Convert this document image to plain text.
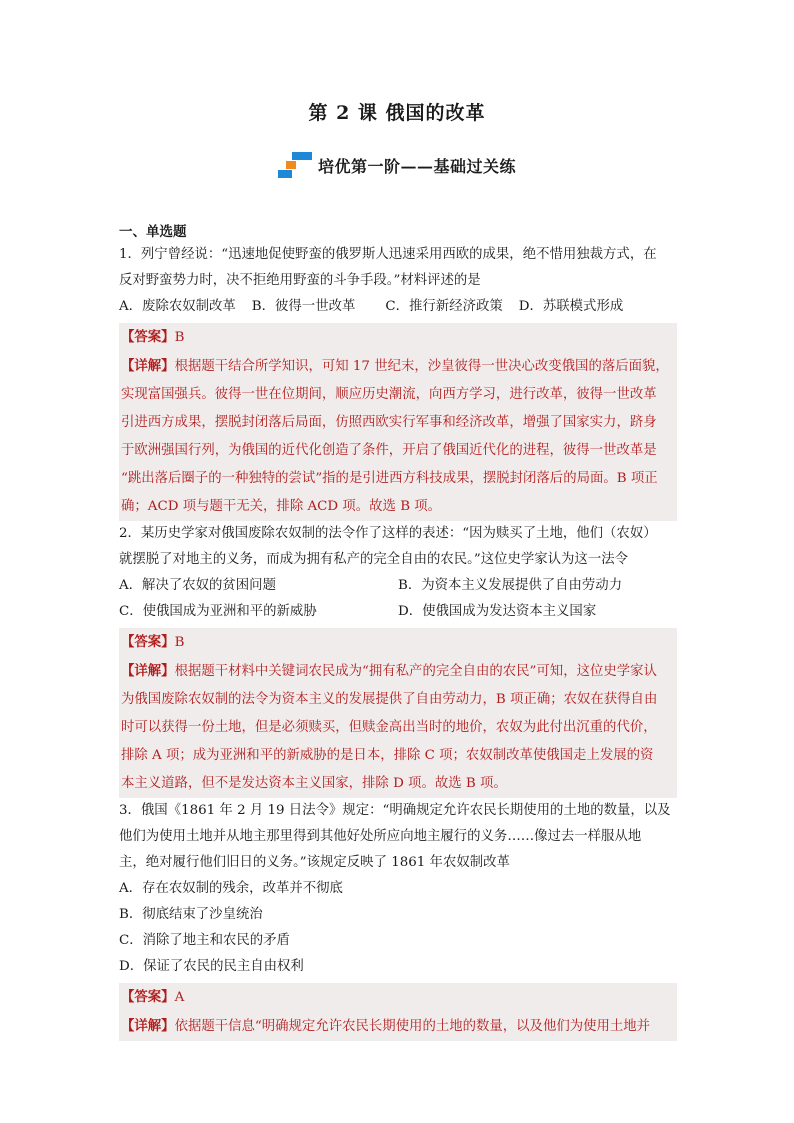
第 2 课 俄国的改革
培优第一阶——基础过关练
一、单选题

1．列宁曾经说：“迅速地促使野蛮的俄罗斯人迅速采用西欧的成果，绝不惜用独裁方式，在

反对野蛮势力时，决不拒绝用野蛮的斗争手段。”材料评述的是

A．废除农奴制改革 B．彼得一世改革 C．推行新经济政策 D．苏联模式形成
【答案】B
【详解】根据题干结合所学知识，可知 17 世纪末，沙皇彼得一世决心改变俄国的落后面貌，
实现富国强兵。彼得一世在位期间，顺应历史潮流，向西方学习，进行改革，彼得一世改革
引进西方成果，摆脱封闭落后局面，仿照西欧实行军事和经济改革，增强了国家实力，跻身
于欧洲强国行列，为俄国的近代化创造了条件，开启了俄国近代化的进程，彼得一世改革是
“跳出落后圈子的一种独特的尝试”指的是引进西方科技成果，摆脱封闭落后的局面。B 项正
确；ACD 项与题干无关，排除 ACD 项。故选 B 项。

2．某历史学家对俄国废除农奴制的法令作了这样的表述：“因为赎买了土地，他们（农奴）

就摆脱了对地主的义务，而成为拥有私产的完全自由的农民。”这位史学家认为这一法令

A．解决了农奴的贫困问题	B．为资本主义发展提供了自由劳动力
C．使俄国成为亚洲和平的新威胁	D．使俄国成为发达资本主义国家
【答案】B
【详解】根据题干材料中关键词农民成为“拥有私产的完全自由的农民”可知，这位史学家认
为俄国废除农奴制的法令为资本主义的发展提供了自由劳动力，B 项正确；农奴在获得自由
时可以获得一份土地，但是必须赎买，但赎金高出当时的地价，农奴为此付出沉重的代价，
排除 A 项；成为亚洲和平的新威胁的是日本，排除 C 项；农奴制改革使俄国走上发展的资
本主义道路，但不是发达资本主义国家，排除 D 项。故选 B 项。

3．俄国《1861 年 2 月 19 日法令》规定：“明确规定允许农民长期使用的土地的数量，以及

他们为使用土地并从地主那里得到其他好处所应向地主履行的义务……像过去一样服从地

主，绝对履行他们旧日的义务。”该规定反映了 1861 年农奴制改革

A．存在农奴制的残余，改革并不彻底
B．彻底结束了沙皇统治
C．消除了地主和农民的矛盾
D．保证了农民的民主自由权利
【答案】A
【详解】依据题干信息“明确规定允许农民长期使用的土地的数量，以及他们为使用土地并
